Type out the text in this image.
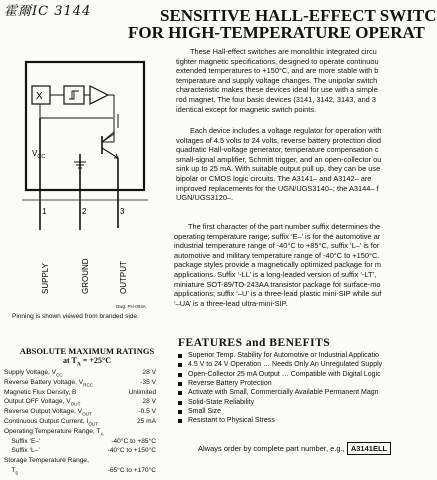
霍爾IC 3144	SENSITIVE HALL-EFFECT SWITC
FOR HIGH-TEMPERATURE OPERAT
These Hall-effect switches are monolithic integrated circu
tighter magnetic specifications, designed to operate continuou
extended temperatures to +150°C, and are more stable with b
temperature and supply voltage changes. The unipolar switch
characteristic makes these devices ideal for use with a simple
rod magnet. The four basic devices (3141, 3142, 3143, and 3
identical except for magnetic switch points.
Each device includes a voltage regulator for operation with
voltages of 4.5 volts to 24 volts, reverse battery protection diod
quadratic Hall-voltage generator, temperature compensation c
small-signal amplifier, Schmitt trigger, and an open-collector ou
sink up to 25 mA. With suitable output pull up, they can be use
bipolar or CMOS logic circuits. The A3141– and A3142– are
improved replacements for the UGN/UGS3140–; the A3144– f
UGN/UGS3120–.
The first character of the part number suffix determines the
operating temperature range; suffix ‘E–’ is for the automotive ar
industrial temperature range of -40°C to +85°C, suffix ‘L–’ is for
automotive and military temperature range of -40°C to +150°C.
package styles provide a magnetically optimized package for m
applications. Suffix ‘-LL’ is a long-leaded version of suffix ‘-LT’,
miniature SOT-89/TO-243AA transistor package for surface-mo
applications; suffix ‘–U’ is a three-lead plastic mini-SIP while suf
‘–UA’ is a three-lead ultra-mini-SIP.
X
$V_{CC}$
1	2	3
SUPPLY	GROUND	OUTPUT
Dwg. PH-003A
Pinning is shown viewed from branded side.
ABSOLUTE MAXIMUM RATINGS
at $T_A = +25^\circ C$
Supply Voltage, $V_{CC}$	28 V
Reverse Battery Voltage, $V_{RCC}$	-35 V
Magnetic Flux Density, B	Unlimited
Output OFF Voltage, $V_{OUT}$	28 V
Reverse Output Voltage, $V_{OUT}$	-0.5 V
Continuous Output Current, $I_{OUT}$	25 mA
Operating Temperature Range, $T_A$
Suffix ‘E–’	-40°C to +85°C
Suffix ‘L–’	-40°C to +150°C
Storage Temperature Range,
$T_S$	-65°C to +170°C
FEATURES and BENEFITS
Superior Temp. Stability for Automotive or Industrial Applicatio
4.5 V to 24 V Operation … Needs Only An Unregulated Supply
Open-Collector 25 mA Output … Compatible with Digital Logic
Reverse Battery Protection
Activate with Small, Commercially Available Permanent Magn
Solid-State Reliability
Small Size
Resistant to Physical Stress
Always order by complete part number, e.g., A3141ELL
